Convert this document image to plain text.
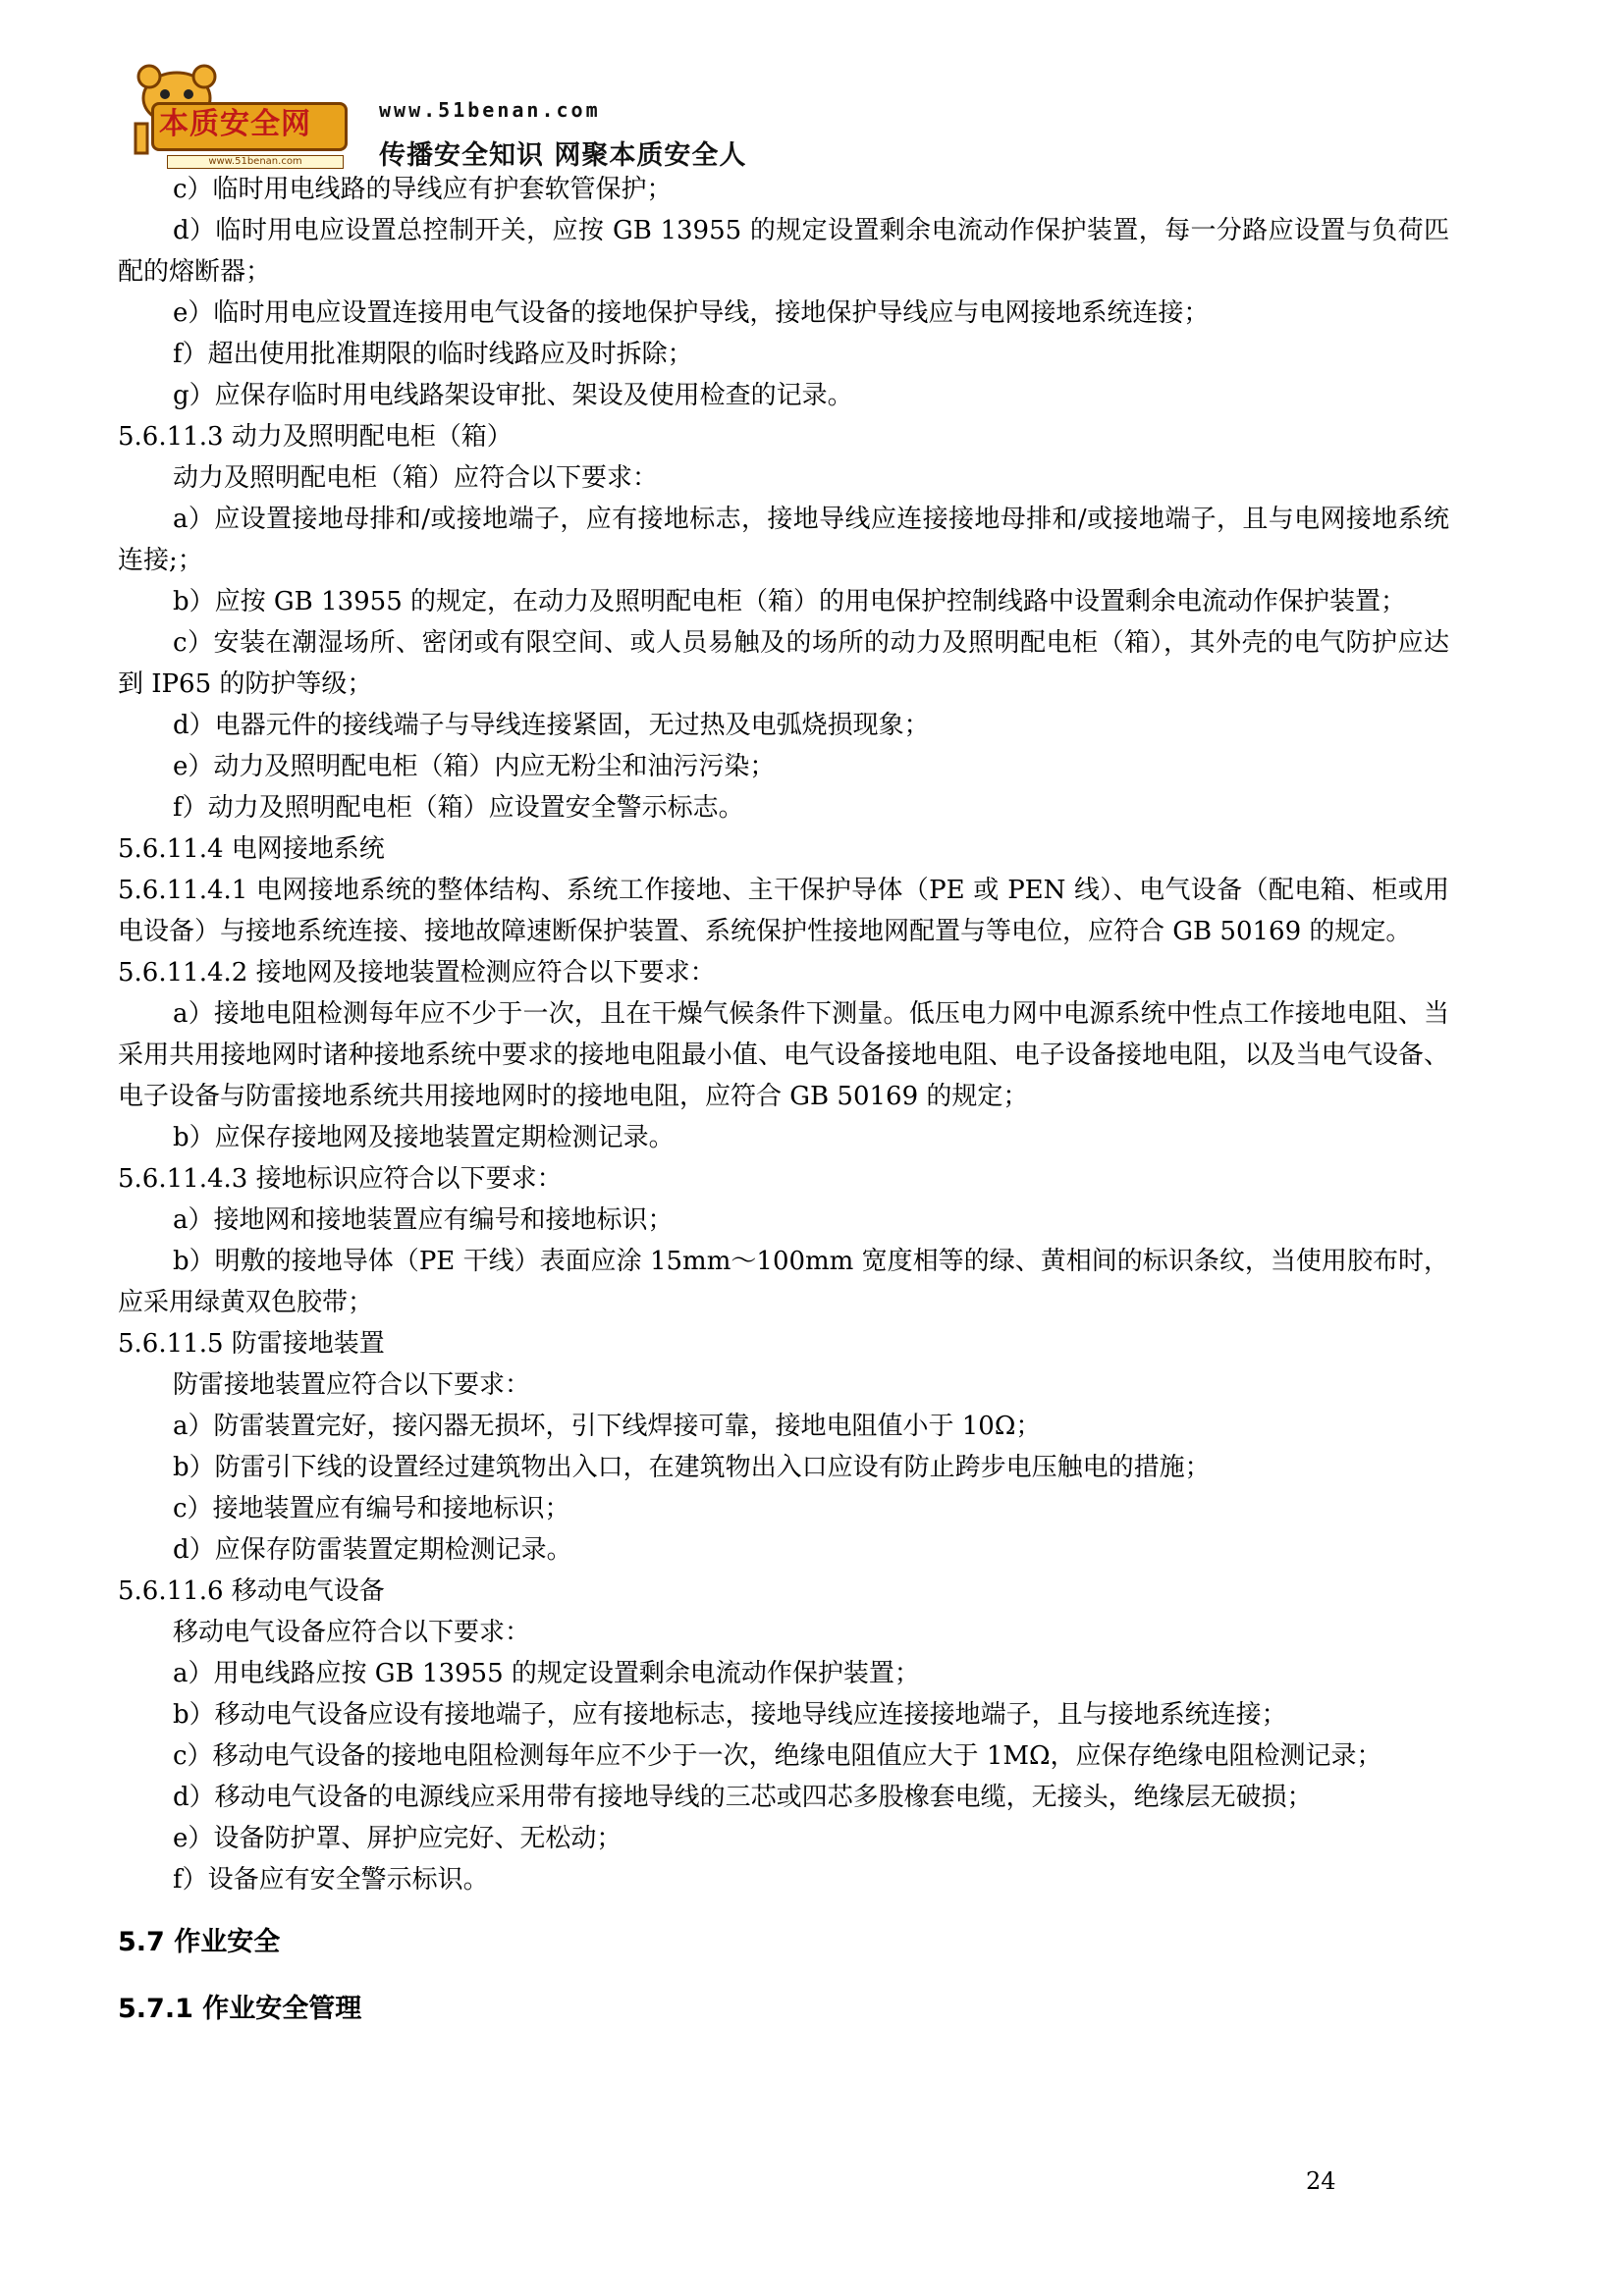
本质安全网
www.51benan.com
www.51benan.com
传播安全知识 网聚本质安全人

c）临时用电线路的导线应有护套软管保护；

d）临时用电应设置总控制开关，应按 GB 13955 的规定设置剩余电流动作保护装置，每一分路应设置与负荷匹配的熔断器；

e）临时用电应设置连接用电气设备的接地保护导线，接地保护导线应与电网接地系统连接；

f）超出使用批准期限的临时线路应及时拆除；

g）应保存临时用电线路架设审批、架设及使用检查的记录。

5.6.11.3 动力及照明配电柜（箱）

动力及照明配电柜（箱）应符合以下要求：

a）应设置接地母排和/或接地端子，应有接地标志，接地导线应连接接地母排和/或接地端子，且与电网接地系统连接;；

b）应按 GB 13955 的规定，在动力及照明配电柜（箱）的用电保护控制线路中设置剩余电流动作保护装置；

c）安装在潮湿场所、密闭或有限空间、或人员易触及的场所的动力及照明配电柜（箱），其外壳的电气防护应达到 IP65 的防护等级；

d）电器元件的接线端子与导线连接紧固，无过热及电弧烧损现象；

e）动力及照明配电柜（箱）内应无粉尘和油污污染；

f）动力及照明配电柜（箱）应设置安全警示标志。

5.6.11.4 电网接地系统

5.6.11.4.1 电网接地系统的整体结构、系统工作接地、主干保护导体（PE 或 PEN 线）、电气设备（配电箱、柜或用电设备）与接地系统连接、接地故障速断保护装置、系统保护性接地网配置与等电位，应符合 GB 50169 的规定。

5.6.11.4.2 接地网及接地装置检测应符合以下要求：

a）接地电阻检测每年应不少于一次，且在干燥气候条件下测量。低压电力网中电源系统中性点工作接地电阻、当采用共用接地网时诸种接地系统中要求的接地电阻最小值、电气设备接地电阻、电子设备接地电阻，以及当电气设备、电子设备与防雷接地系统共用接地网时的接地电阻，应符合 GB 50169 的规定；

b）应保存接地网及接地装置定期检测记录。

5.6.11.4.3 接地标识应符合以下要求：

a）接地网和接地装置应有编号和接地标识；

b）明敷的接地导体（PE 干线）表面应涂 15mm～100mm 宽度相等的绿、黄相间的标识条纹，当使用胶布时，应采用绿黄双色胶带；

5.6.11.5 防雷接地装置

防雷接地装置应符合以下要求：

a）防雷装置完好，接闪器无损坏，引下线焊接可靠，接地电阻值小于 10Ω；

b）防雷引下线的设置经过建筑物出入口，在建筑物出入口应设有防止跨步电压触电的措施；

c）接地装置应有编号和接地标识；

d）应保存防雷装置定期检测记录。

5.6.11.6 移动电气设备

移动电气设备应符合以下要求：

a）用电线路应按 GB 13955 的规定设置剩余电流动作保护装置；

b）移动电气设备应设有接地端子，应有接地标志，接地导线应连接接地端子，且与接地系统连接；

c）移动电气设备的接地电阻检测每年应不少于一次，绝缘电阻值应大于 1MΩ，应保存绝缘电阻检测记录；

d）移动电气设备的电源线应采用带有接地导线的三芯或四芯多股橡套电缆，无接头，绝缘层无破损；

e）设备防护罩、屏护应完好、无松动；

f）设备应有安全警示标识。

5.7 作业安全

5.7.1 作业安全管理

24
